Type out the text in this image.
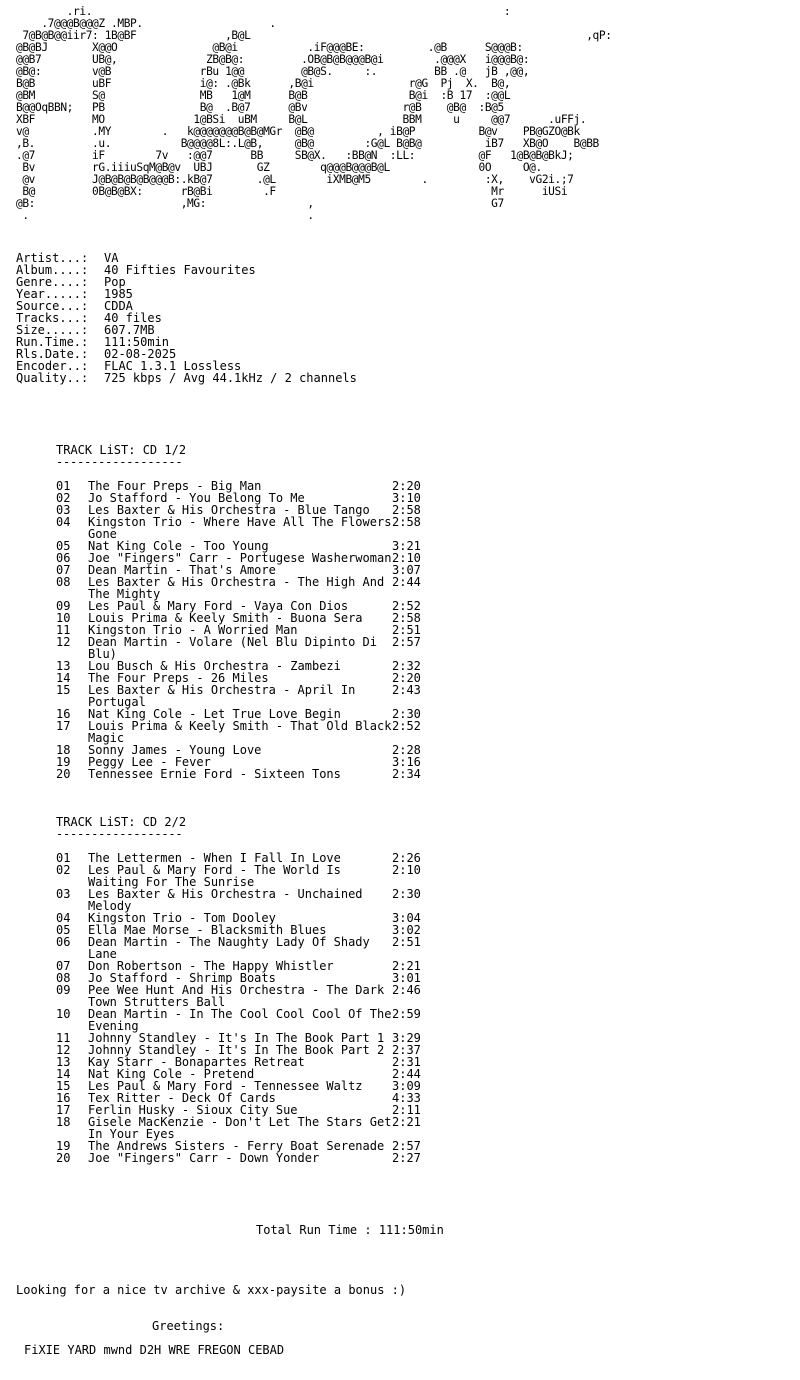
.ri.                                                                 :
.7@@@B@@@Z .MBP.                    .
7@B@B@@iir7: 1B@BF              ,B@L                                                     ,qP:
@B@BJ       X@@O               @B@i           .iF@@@BE:          .@B      S@@@B:
@@B7        UB@,              ZB@B@:         .OB@B@B@@@B@i        .@@@X   i@@@B@:
@B@:        v@B              rBu 1@@         @B@S.     :.         BB .@   jB ,@@,
B@B         uBF              i@: .@Bk      ,B@i               r@G  Pj  X.  B@,
@BM         S@               MB   1@M      B@B                B@i  :B 17  :@@L
B@@OqBBN;   PB               B@  .B@7      @Bv               r@B    @B@  :B@5
XBF         MO              1@BSi  uBM     B@L               BBM     u     @@7      .uFFj.
v@          .MY        .   k@@@@@@@B@B@MGr  @B@          , iB@P          B@v    PB@GZO@Bk
,B.         .u.           B@@@@8L:.L@B,     @B@        :G@L B@B@          iB7   XB@O    B@BB
.@7         iF        7v   :@@7      BB     SB@X.   :BB@N  :LL:          @F   1@B@B@BkJ;
Bv         rG.iiiuSqM@B@v  UBJ       GZ        q@@@B@@@B@L              0O     O@.
@v         J@B@B@B@B@@@B:.kB@7       .@L        iXMB@M5        .         :X,    vG2i.;7
B@         0B@B@BX:      rB@Bi        .F                                  Mr      iUSi
@B:                       ,MG:                ,                            G7
.                                            .
Artist...:	VA
Album....:	40 Fifties Favourites
Genre....:	Pop
Year.....:	1985
Source...:	CDDA
Tracks...:	40 files
Size.....:	607.7MB
Run.Time.:	111:50min
Rls.Date.:	02-08-2025
Encoder..:	FLAC 1.3.1 Lossless
Quality..:	725 kbps / Avg 44.1kHz / 2 channels
TRACK LiST: CD 1/2
------------------
01	The Four Preps - Big Man	2:20
02	Jo Stafford - You Belong To Me	3:10
03	Les Baxter & His Orchestra - Blue Tango	2:58
04	Kingston Trio - Where Have All The Flowers Gone
2:58
05	Nat King Cole - Too Young	3:21
06	Joe "Fingers" Carr - Portugese Washerwoman 2:10
07	Dean Martin - That's Amore	3:07
08	Les Baxter & His Orchestra - The High And The Mighty
2:44
09	Les Paul & Mary Ford - Vaya Con Dios	2:52
10	Louis Prima & Keely Smith - Buona Sera	2:58
11	Kingston Trio - A Worried Man	2:51
12	Dean Martin - Volare (Nel Blu Dipinto Di Blu)
2:57
13	Lou Busch & His Orchestra - Zambezi	2:32
14	The Four Preps - 26 Miles	2:20
15	Les Baxter & His Orchestra - April In Portugal
2:43
16	Nat King Cole - Let True Love Begin	2:30
17	Louis Prima & Keely Smith - That Old Black Magic
2:52
18	Sonny James - Young Love	2:28
19	Peggy Lee - Fever	3:16
20	Tennessee Ernie Ford - Sixteen Tons	2:34
TRACK LiST: CD 2/2
------------------
01	The Lettermen - When I Fall In Love	2:26
02	Les Paul & Mary Ford - The World Is Waiting For The Sunrise
2:10
03	Les Baxter & His Orchestra - Unchained Melody
2:30
04	Kingston Trio - Tom Dooley	3:04
05	Ella Mae Morse - Blacksmith Blues	3:02
06	Dean Martin - The Naughty Lady Of Shady Lane
2:51
07	Don Robertson - The Happy Whistler	2:21
08	Jo Stafford - Shrimp Boats	3:01
09	Pee Wee Hunt And His Orchestra - The Dark Town Strutters Ball
2:46
10	Dean Martin - In The Cool Cool Cool Of The Evening
2:59
11	Johnny Standley - It's In The Book Part 1 3:29
12	Johnny Standley - It's In The Book Part 2 2:37
13	Kay Starr - Bonapartes Retreat	2:31
14	Nat King Cole - Pretend	2:44
15	Les Paul & Mary Ford - Tennessee Waltz	3:09
16	Tex Ritter - Deck Of Cards	4:33
17	Ferlin Husky - Sioux City Sue	2:11
18	Gisele MacKenzie - Don't Let The Stars Get In Your Eyes
2:21
19	The Andrews Sisters - Ferry Boat Serenade 2:57
20	Joe "Fingers" Carr - Down Yonder	2:27
Total Run Time : 111:50min
Looking for a nice tv archive & xxx-paysite a bonus :)
Greetings:
FiXIE YARD mwnd D2H WRE FREGON CEBAD
